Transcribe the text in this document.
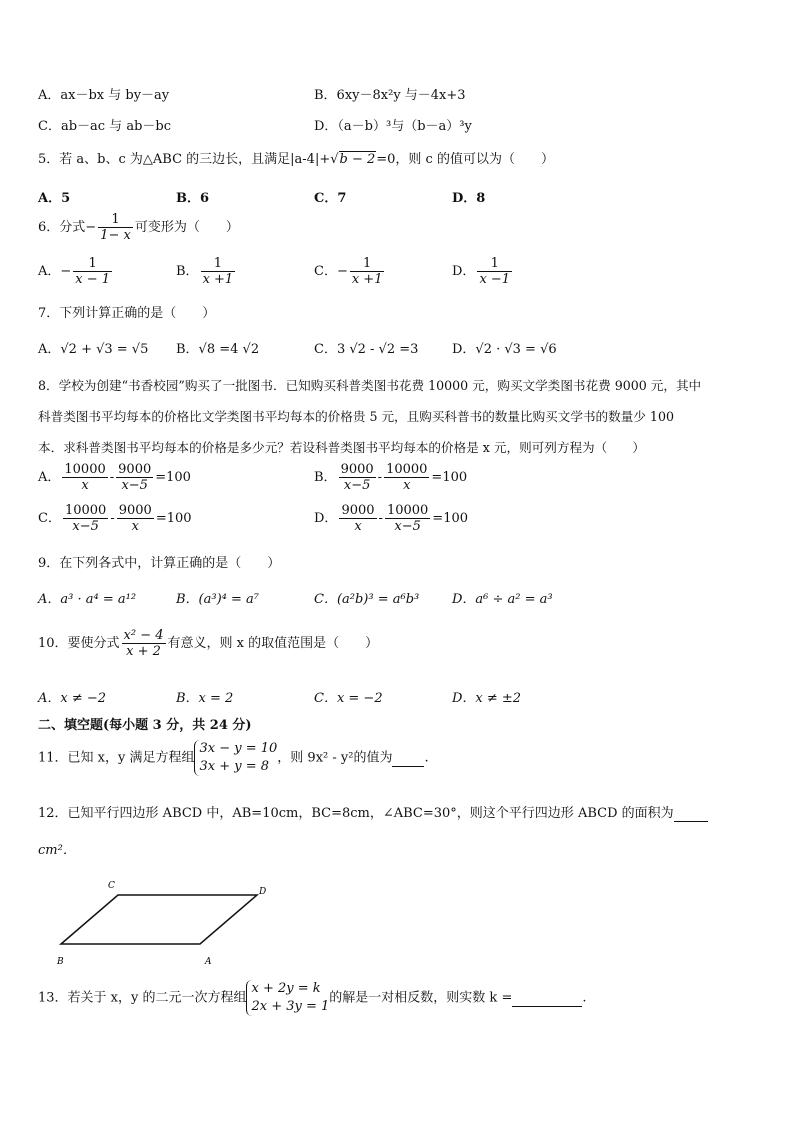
A．ax－bx 与 by－ay	B．6xy－8x²y 与－4x+3
C．ab－ac 与 ab－bc	D．（a－b）³与（b－a）³y
5．若 a、b、c 为△ABC 的三边长，且满足|a-4|+√b − 2=0，则 c 的值可以为（　　）
A．5	B．6	C．7	D．8
6．分式− $\frac{1}{1- x}$ 可变形为（　　）
A．− $\frac{1}{x - 1}$	B． $\frac{1}{x +1}$	C．− $\frac{1}{x +1}$	D． $\frac{1}{x -1}$
7．下列计算正确的是（　　）
A．√2 + √3 = √5 B．√8 =4 √2	C．3 √2 - √2 =3	D．√2 · √3 = √6
8．学校为创建“书香校园”购买了一批图书．已知购买科普类图书花费 10000 元，购买文学类图书花费 9000 元，其中
科普类图书平均每本的价格比文学类图书平均每本的价格贵 5 元，且购买科普书的数量比购买文学书的数量少 100
本．求科普类图书平均每本的价格是多少元？若设科普类图书平均每本的价格是 x 元，则可列方程为（　　）
A． $\frac{10000}{x} - \frac{9000}{x-5} =100$	B． $\frac{9000}{x-5} - \frac{10000}{x} =100$
C． $\frac{10000}{x-5} - \frac{9000}{x} =100$	D． $\frac{9000}{x} - \frac{10000}{x-5} =100$
9．在下列各式中，计算正确的是（　　）
A．a³ · a⁴ = a¹²	B．(a³)⁴ = a⁷	C．(a²b)³ = a⁶b³	D．a⁶ ÷ a² = a³
10．要使分式 $\frac{\text{x² − 4}}{x + 2}$ 有意义，则 x 的取值范围是（　　）
A．x ≠ −2	B．x = 2	C．x = −2	D．x ≠ ±2
二、填空题(每小题 3 分，共 24 分)
11．已知 x，y 满足方程组
3x − y = 10
3x + y = 8
，则 9x² - y²的值为 .
12．已知平行四边形 ABCD 中，AB=10cm，BC=8cm，∠ABC=30°，则这个平行四边形 ABCD 的面积为
cm²．
C
D
B	A
13．若关于 x，y 的二元一次方程组
x + 2y = k
2x + 3y = 1
的解是一对相反数，则实数 k =	.
